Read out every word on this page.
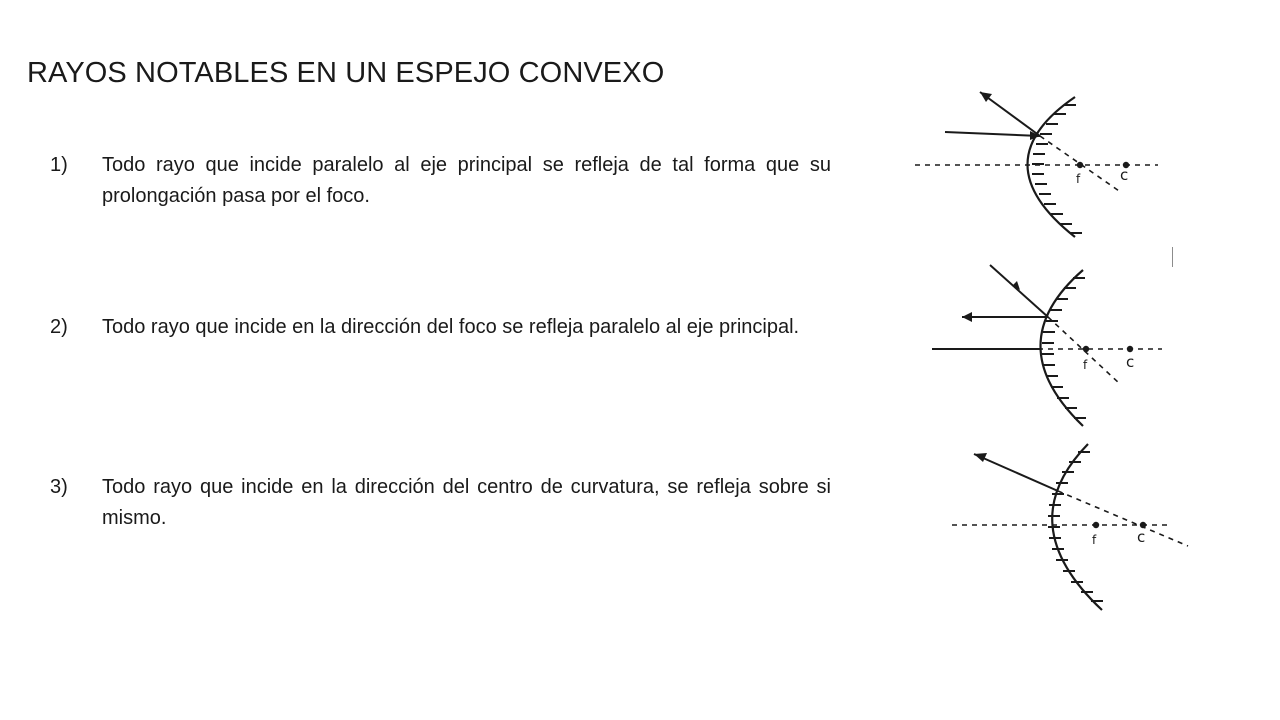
RAYOS NOTABLES EN UN ESPEJO CONVEXO
1) Todo rayo que incide paralelo al eje principal se refleja de tal forma que su prolongación pasa por el foco.
2) Todo rayo que incide en la dirección del foco se refleja paralelo al eje principal.
3) Todo rayo que incide en la dirección del centro de curvatura, se refleja sobre si mismo.
f	c
f	c
f	c
